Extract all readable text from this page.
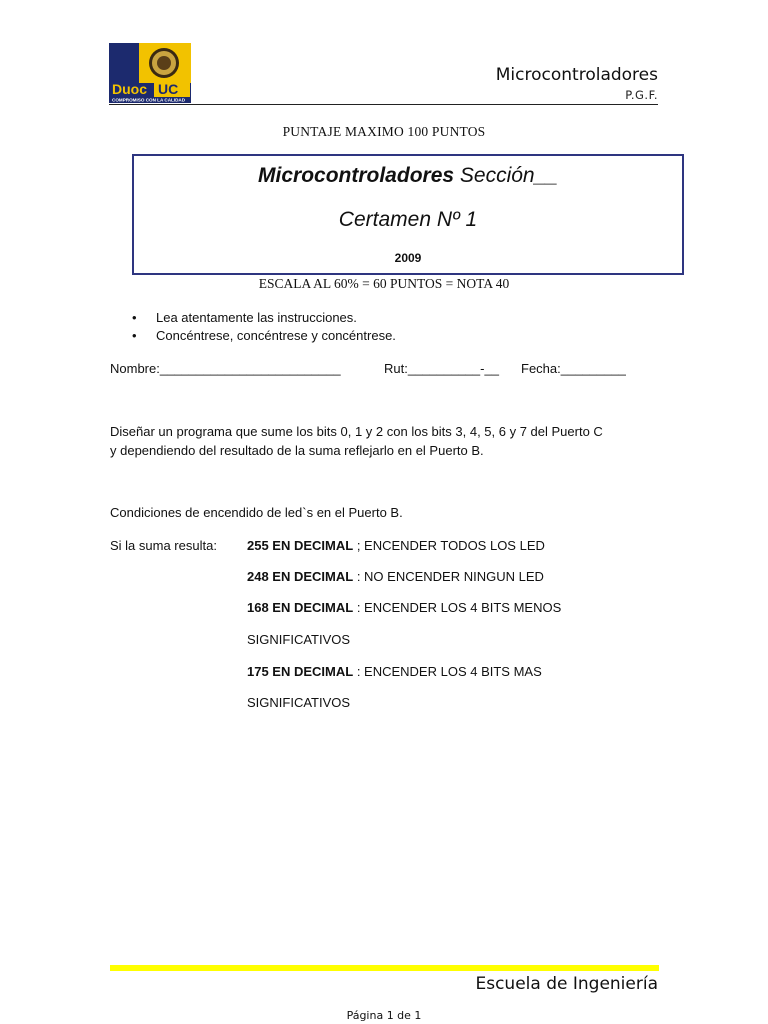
Duoc UC
COMPROMISO CON LA CALIDAD
Microcontroladores
P.G.F.
PUNTAJE MAXIMO 100 PUNTOS
Microcontroladores Sección__
Certamen Nº 1
2009
ESCALA AL 60% = 60 PUNTOS = NOTA 40
• Lea atentamente las instrucciones.
• Concéntrese, concéntrese y concéntrese.
Nombre:_________________________	Rut:__________-__ Fecha:_________
Diseñar un programa que sume los bits 0, 1 y 2 con los bits 3, 4, 5, 6 y 7 del Puerto C
y dependiendo del resultado de la suma reflejarlo en el Puerto B.
Condiciones de encendido de led`s en el Puerto B.
Si la suma resulta: 255 EN DECIMAL ; ENCENDER TODOS LOS LED
248 EN DECIMAL : NO ENCENDER NINGUN LED
168 EN DECIMAL : ENCENDER LOS 4 BITS MENOS
SIGNIFICATIVOS
175 EN DECIMAL : ENCENDER LOS 4 BITS MAS
SIGNIFICATIVOS
Escuela de Ingeniería
Página 1 de 1
